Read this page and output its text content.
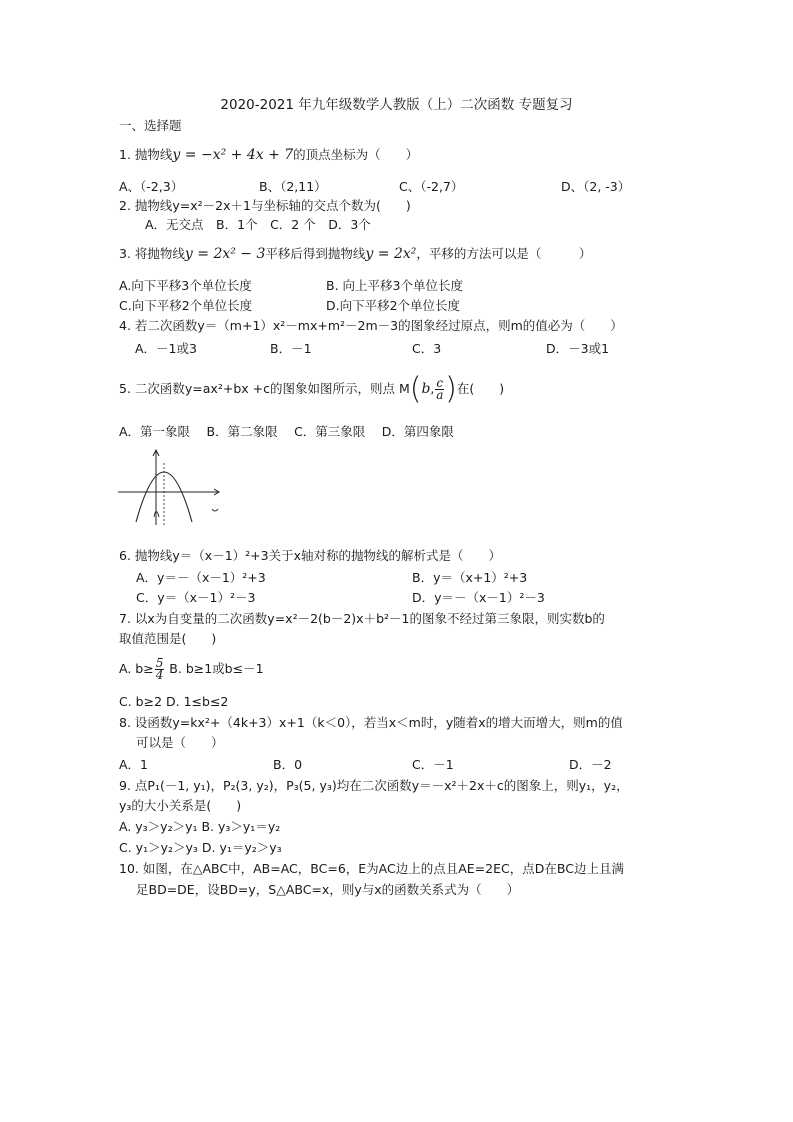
2020-2021 年九年级数学人教版（上）二次函数 专题复习
一、选择题
1. 抛物线y = −x² + 4x + 7的顶点坐标为（　　）
A、（-2,3）	B、（2,11）	C、（-2,7）	D、（2, -3）
2. 抛物线y=x²－2x＋1与坐标轴的交点个数为(　　)
A．无交点　B．1个　C．2 个　D．3个
3. 将抛物线y = 2x² − 3平移后得到抛物线y = 2x²，平移的方法可以是（　　　）
A.向下平移3个单位长度	B. 向上平移3个单位长度
C.向下平移2个单位长度	D.向下平移2个单位长度
4. 若二次函数y＝（m+1）x²－mx+m²－2m－3的图象经过原点，则m的值必为（　　）
A．－1或3	B．－1	C．3	D．－3或1
5. 二次函数y=ax²+bx +c的图象如图所示，则点 M(b, $\frac{c}{a}$ )在(　　)
A．第一象限　 B．第二象限　 C．第三象限　 D．第四象限
6. 抛物线y＝（x－1）²+3关于x轴对称的抛物线的解析式是（　　）
A．y＝－（x－1）²+3	B．y＝（x+1）²+3
C．y＝（x－1）²－3	D．y＝－（x－1）²－3
7. 以x为自变量的二次函数y=x²－2(b－2)x＋b²－1的图象不经过第三象限，则实数b的
取值范围是(　　)
A. $b\ge \frac{5}{4} B$. b≥1或b≤－1
C. b≥2 D. 1≤b≤2
8. 设函数y=kx²+（4k+3）x+1（k＜0），若当x＜m时，y随着x的增大而增大，则m的值
可以是（　　）
A．1	B．0	C．－1	D．－2
9. 点P₁(－1, y₁)，P₂(3, y₂)，P₃(5, y₃)均在二次函数y＝－x²＋2x＋c的图象上，则y₁，y₂，
y₃的大小关系是(　　)
A. y₃＞y₂＞y₁ B. y₃＞y₁＝y₂
C. y₁＞y₂＞y₃ D. y₁＝y₂＞y₃
10. 如图，在△ABC中，AB=AC，BC=6，E为AC边上的点且AE=2EC，点D在BC边上且满
足BD=DE，设BD=y，S△ABC=x，则y与x的函数关系式为（　　）
